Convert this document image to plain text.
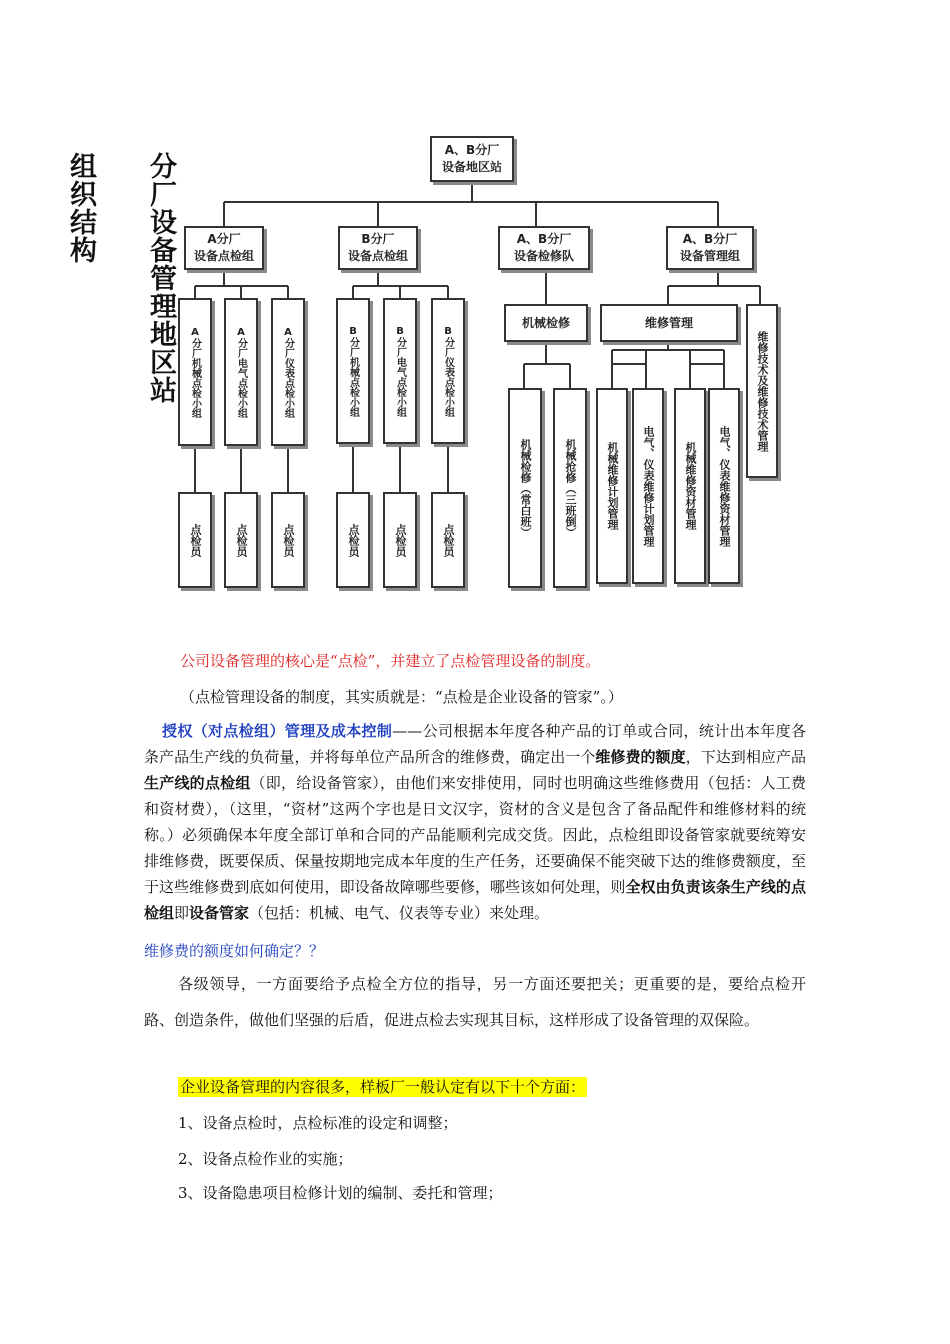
分厂设备管理地区站

组织结构
A、B分厂
设备地区站
A分厂
设备点检组
B分厂
设备点检组
A、B分厂
设备检修队
A、B分厂
设备管理组
A分厂机械点检小组	A分厂电气点检小组	A分厂仪表点检小组
点检员	点检员	点检员
B分厂机械点检小组	B分厂电气点检小组	B分厂仪表点检小组
点检员	点检员	点检员
机械检修
机械检修（常白班）	机械抢修（三班倒）
维修管理
维修技术及维修技术管理
机械维修计划管理	电气、仪表维修计划管理	机械维修资材管理	电气、仪表维修资材管理
公司设备管理的核心是“点检”，并建立了点检管理设备的制度。
（点检管理设备的制度，其实质就是：“点检是企业设备的管家”。）
授权（对点检组）管理及成本控制——公司根据本年度各种产品的订单或合同，统计出本年度各条产品生产线的负荷量，并将每单位产品所含的维修费，确定出一个维修费的额度，下达到相应产品生产线的点检组（即，给设备管家），由他们来安排使用，同时也明确这些维修费用（包括：人工费和资材费），（这里，“资材”这两个字也是日文汉字，资材的含义是包含了备品配件和维修材料的统称。）必须确保本年度全部订单和合同的产品能顺利完成交货。因此，点检组即设备管家就要统筹安排维修费，既要保质、保量按期地完成本年度的生产任务，还要确保不能突破下达的维修费额度，至于这些维修费到底如何使用，即设备故障哪些要修，哪些该如何处理，则全权由负责该条生产线的点检组即设备管家（包括：机械、电气、仪表等专业）来处理。
维修费的额度如何确定？？
各级领导，一方面要给予点检全方位的指导，另一方面还要把关；更重要的是，要给点检开路、创造条件，做他们坚强的后盾，促进点检去实现其目标，这样形成了设备管理的双保险。
企业设备管理的内容很多，样板厂一般认定有以下十个方面：
1、设备点检时，点检标准的设定和调整；
2、设备点检作业的实施；
3、设备隐患项目检修计划的编制、委托和管理；
